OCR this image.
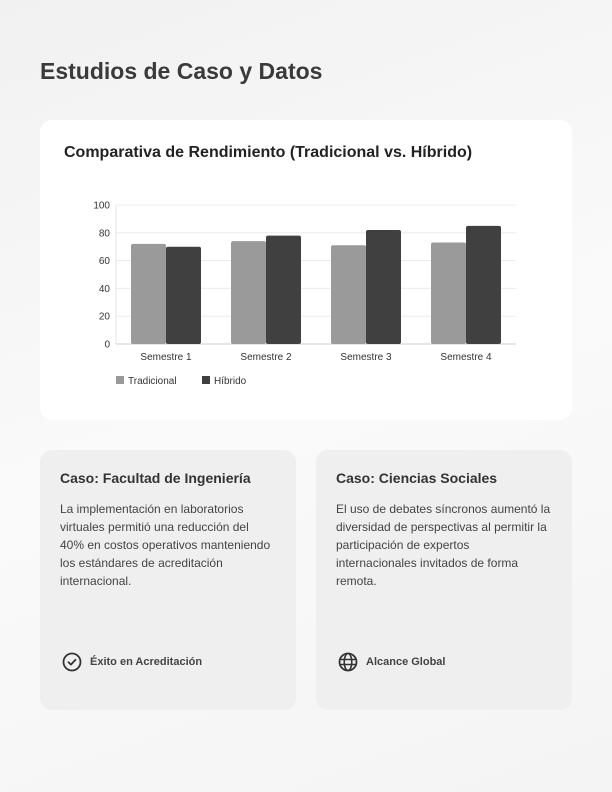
Estudios de Caso y Datos
Comparativa de Rendimiento (Tradicional vs. Híbrido)
0
20
40
60
80
100
Semestre 1	Semestre 2	Semestre 3	Semestre 4
Tradicional	Híbrido
Caso: Facultad de Ingeniería

La implementación en laboratorios virtuales permitió una reducción del 40% en costos operativos manteniendo los estándares de acreditación internacional.

Éxito en Acreditación
Caso: Ciencias Sociales

El uso de debates síncronos aumentó la diversidad de perspectivas al permitir la participación de expertos internacionales invitados de forma remota.

Alcance Global
